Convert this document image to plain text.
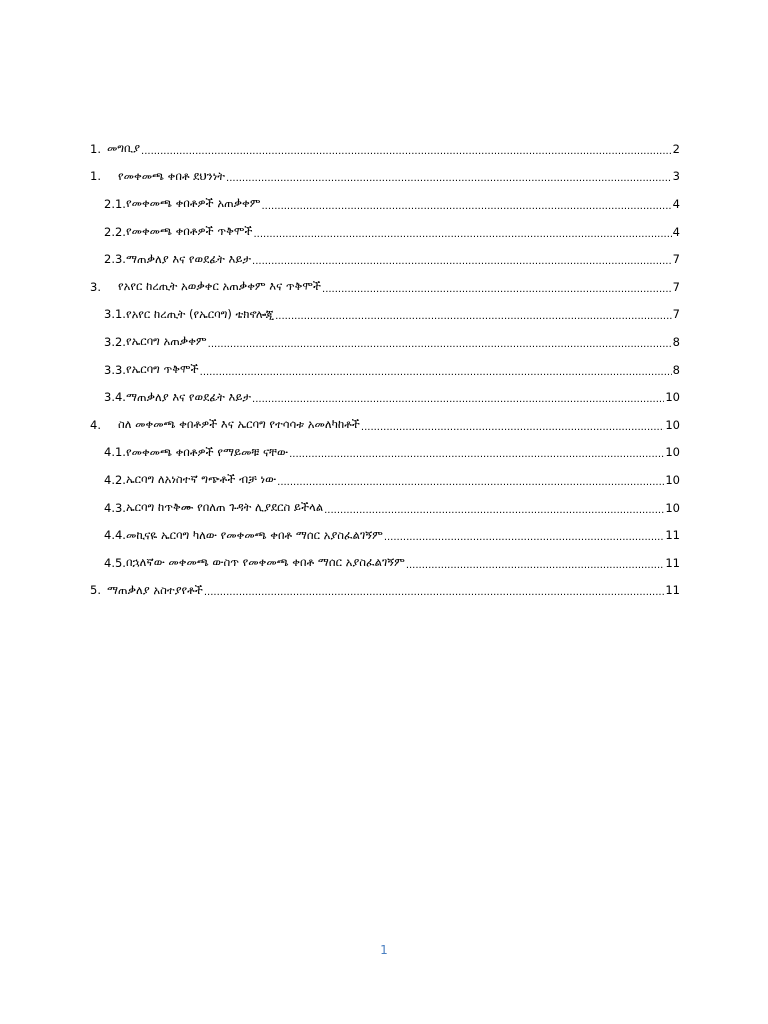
1. መግቢያ .....	2
1.	የመቀመጫ ቀበቶ ደህንነት .....	3
2.1. የመቀመጫ ቀበቶዎች አጠቃቀም .....	4
2.2. የመቀመጫ ቀበቶዎች ጥቅሞች .....	4
2.3. ማጠቃለያ እና የወደፊት እይታ .....	7
3.	የአየር ከረጢት አወቃቀር አጠቃቀም እና ጥቅሞች .....	7
3.1. የአየር ከረጢት (የኤርባግ) ቴክኖሎጂ .....	7
3.2. የኤርባግ አጠቃቀም .....	8
3.3. የኤርባግ ጥቅሞች .....	8
3.4. ማጠቃለያ እና የወደፊት እይታ .....	10
4.	ስለ መቀመጫ ቀበቶዎች እና ኤርባግ የተሳሳቱ አመለካከቶች .....	10
4.1. የመቀመጫ ቀበቶዎች የማይመቹ ናቸው .....	10
4.2. ኤርባግ ለአነስተኛ ግጭቶች ብቻ ነው .....	10
4.3. ኤርባግ ከጥቅሙ የበለጠ ጉዳት ሊያደርስ ይችላል .....	10
4.4. መኪናዬ ኤርባግ ካለው የመቀመጫ ቀበቶ ማሰር አያስፈልገኝም .....	11
4.5. በኋለኛው መቀመጫ ውስጥ የመቀመጫ ቀበቶ ማሰር አያስፈልገኝም .....	11
5. ማጠቃለያ አስተያየቶች .....	11
1
